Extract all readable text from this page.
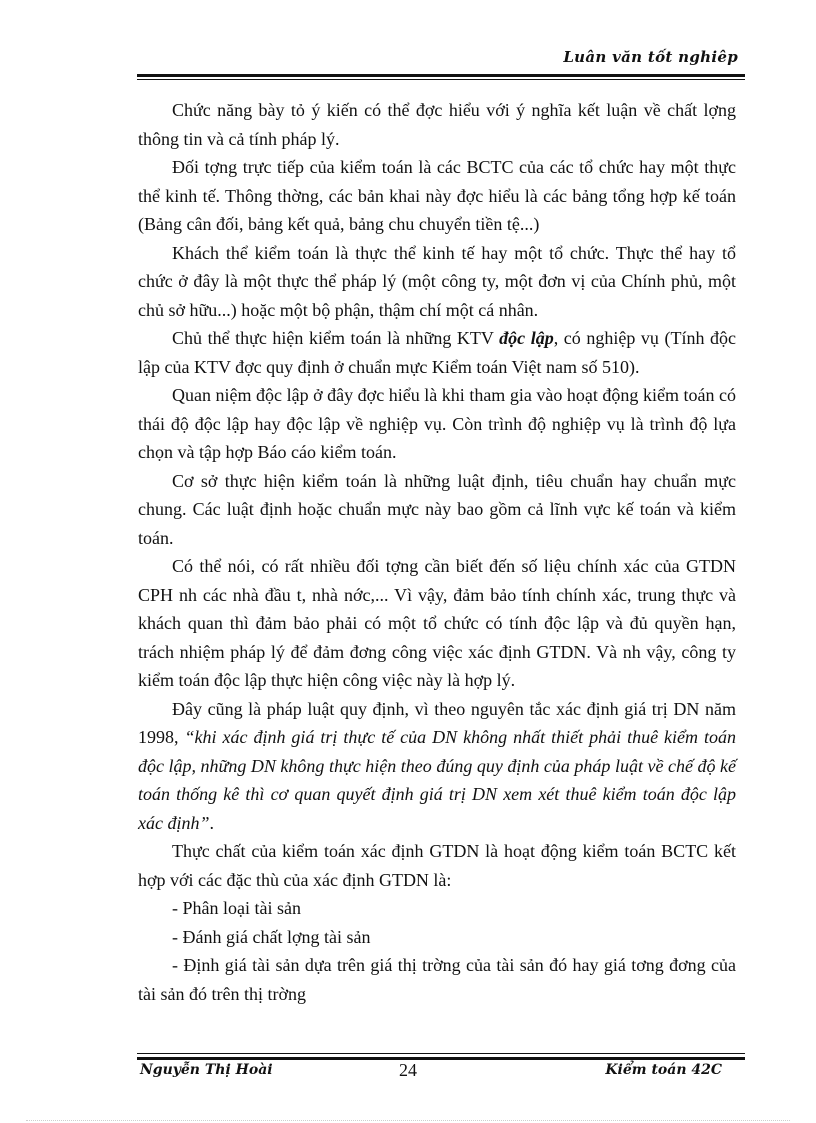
Luân văn tốt nghiêp

Chức năng bày tỏ ý kiến có thể đợc hiểu với ý nghĩa kết luận về chất lợng thông tin và cả tính pháp lý.

Đối tợng trực tiếp của kiểm toán là các BCTC của các tổ chức hay một thực thể kinh tế. Thông thờng, các bản khai này đợc hiểu là các bảng tổng hợp kế toán (Bảng cân đối, bảng kết quả, bảng chu chuyển tiền tệ...)

Khách thể kiểm toán là thực thể kinh tế hay một tổ chức. Thực thể hay tổ chức ở đây là một thực thể pháp lý (một công ty, một đơn vị của Chính phủ, một chủ sở hữu...) hoặc một bộ phận, thậm chí một cá nhân.

Chủ thể thực hiện kiểm toán là những KTV độc lập, có nghiệp vụ (Tính độc lập của KTV đợc quy định ở chuẩn mực Kiểm toán Việt nam số 510).

Quan niệm độc lập ở đây đợc hiểu là khi tham gia vào hoạt động kiểm toán có thái độ độc lập hay độc lập về nghiệp vụ. Còn trình độ nghiệp vụ là trình độ lựa chọn và tập hợp Báo cáo kiểm toán.

Cơ sở thực hiện kiểm toán là những luật định, tiêu chuẩn hay chuẩn mực chung. Các luật định hoặc chuẩn mực này bao gồm cả lĩnh vực kế toán và kiểm toán.

Có thể nói, có rất nhiều đối tợng cần biết đến số liệu chính xác của GTDN CPH nh các nhà đầu t, nhà nớc,... Vì vậy, đảm bảo tính chính xác, trung thực và khách quan thì đảm bảo phải có một tổ chức có tính độc lập và đủ quyền hạn, trách nhiệm pháp lý để đảm đơng công việc xác định GTDN. Và nh vậy, công ty kiểm toán độc lập thực hiện công việc này là hợp lý.

Đây cũng là pháp luật quy định, vì theo nguyên tắc xác định giá trị DN năm 1998, “khi xác định giá trị thực tế của DN không nhất thiết phải thuê kiểm toán độc lập, những DN không thực hiện theo đúng quy định của pháp luật về chế độ kế toán thống kê thì cơ quan quyết định giá trị DN xem xét thuê kiểm toán độc lập xác định”.

Thực chất của kiểm toán xác định GTDN là hoạt động kiểm toán BCTC kết hợp với các đặc thù của xác định GTDN là:

- Phân loại tài sản

- Đánh giá chất lợng tài sản

- Định giá tài sản dựa trên giá thị trờng của tài sản đó hay giá tơng đơng của tài sản đó trên thị trờng

Nguyễn Thị Hoài	24	Kiểm toán 42C
